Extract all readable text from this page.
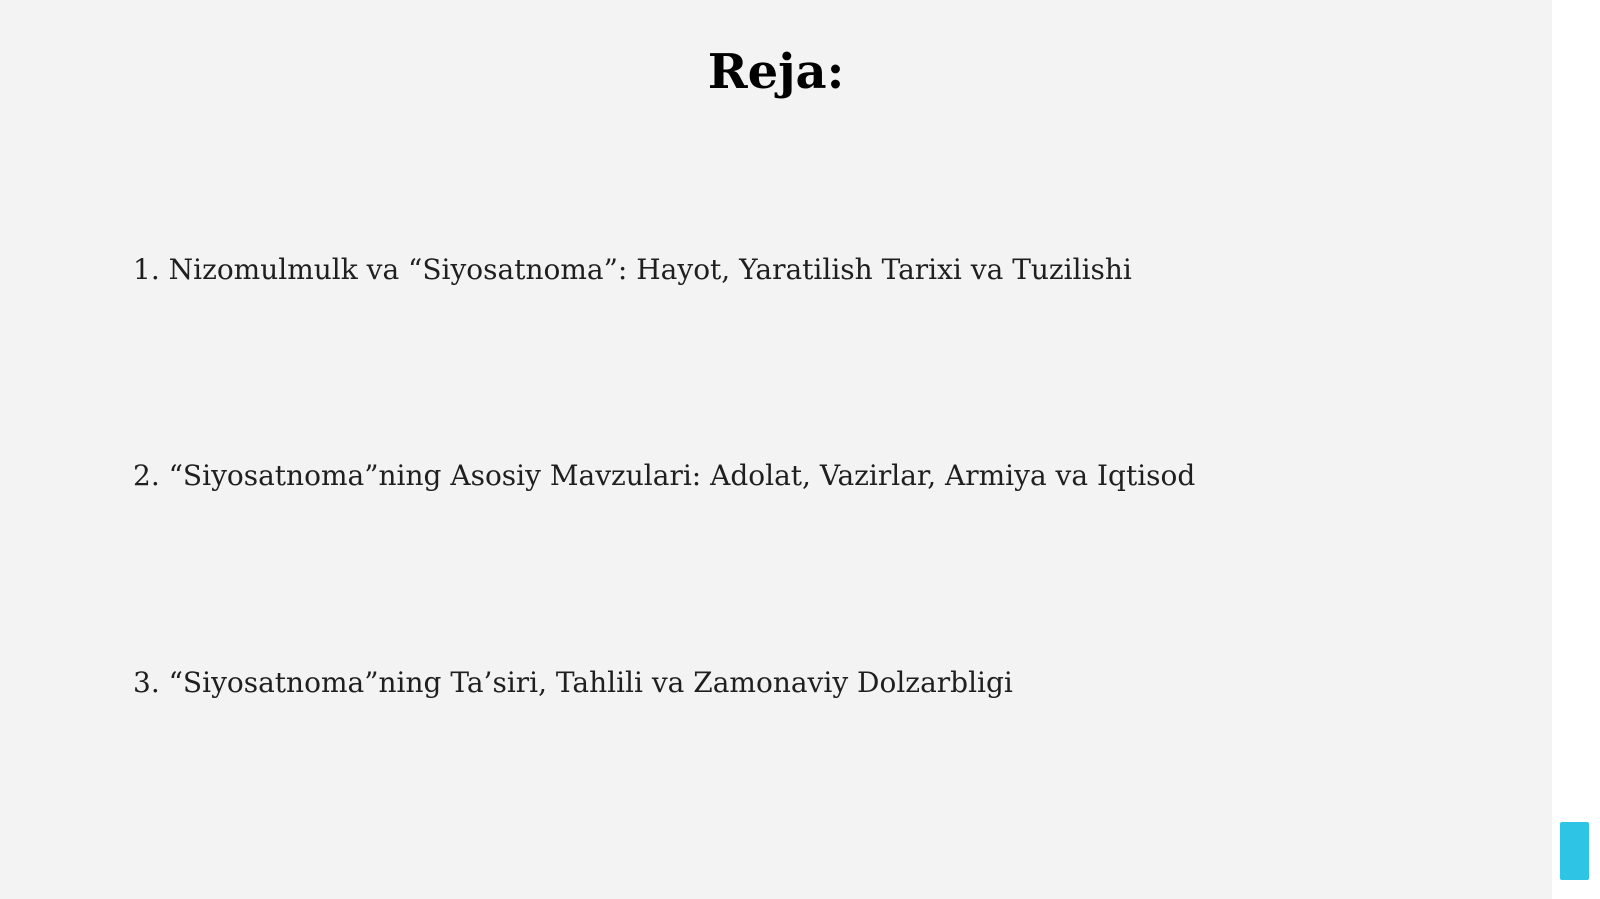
Reja:

1. Nizomulmulk va “Siyosatnoma”: Hayot, Yaratilish Tarixi va Tuzilishi

2. “Siyosatnoma”ning Asosiy Mavzulari: Adolat, Vazirlar, Armiya va Iqtisod

3. “Siyosatnoma”ning Ta’siri, Tahlili va Zamonaviy Dolzarbligi
